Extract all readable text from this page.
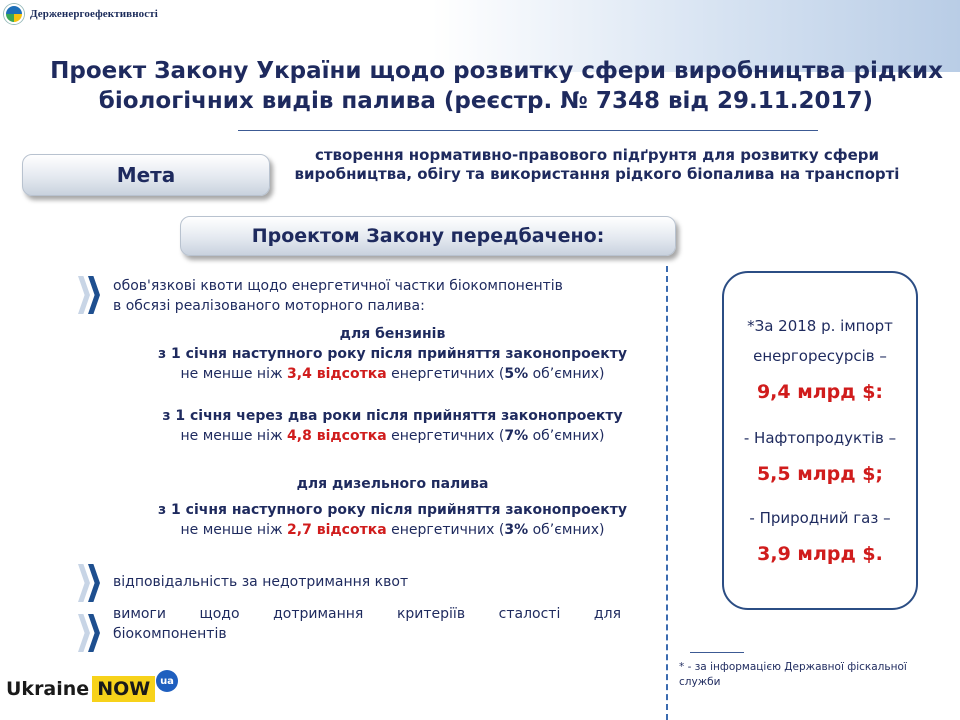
Держенергоефективності
Проект Закону України щодо розвитку сфери виробництва рідких
біологічних видів палива (реєстр. № 7348 від 29.11.2017)
Мета
створення нормативно-правового підґрунтя для розвитку сфери виробництва, обігу та використання рідкого біопалива на транспорті
Проектом Закону передбачено:
обов'язкові квоти щодо енергетичної частки біокомпонентів
в обсязі реалізованого моторного палива:
для бензинів
з 1 січня наступного року після прийняття законопроекту
не менше ніж 3,4 відсотка енергетичних (5% об’ємних)
з 1 січня через два роки після прийняття законопроекту
не менше ніж 4,8 відсотка енергетичних (7% об’ємних)
для дизельного палива
з 1 січня наступного року після прийняття законопроекту
не менше ніж 2,7 відсотка енергетичних (3% об’ємних)
відповідальність за недотримання квот
вимоги щодо дотримання критеріїв сталості для
біокомпонентів
*За 2018 р. імпорт
енергоресурсів –
9,4 млрд $:
- Нафтопродуктів –
5,5 млрд $;
- Природний газ –
3,9 млрд $.
* - за інформацією Державної фіскальної служби
Ukraine NOW ua
